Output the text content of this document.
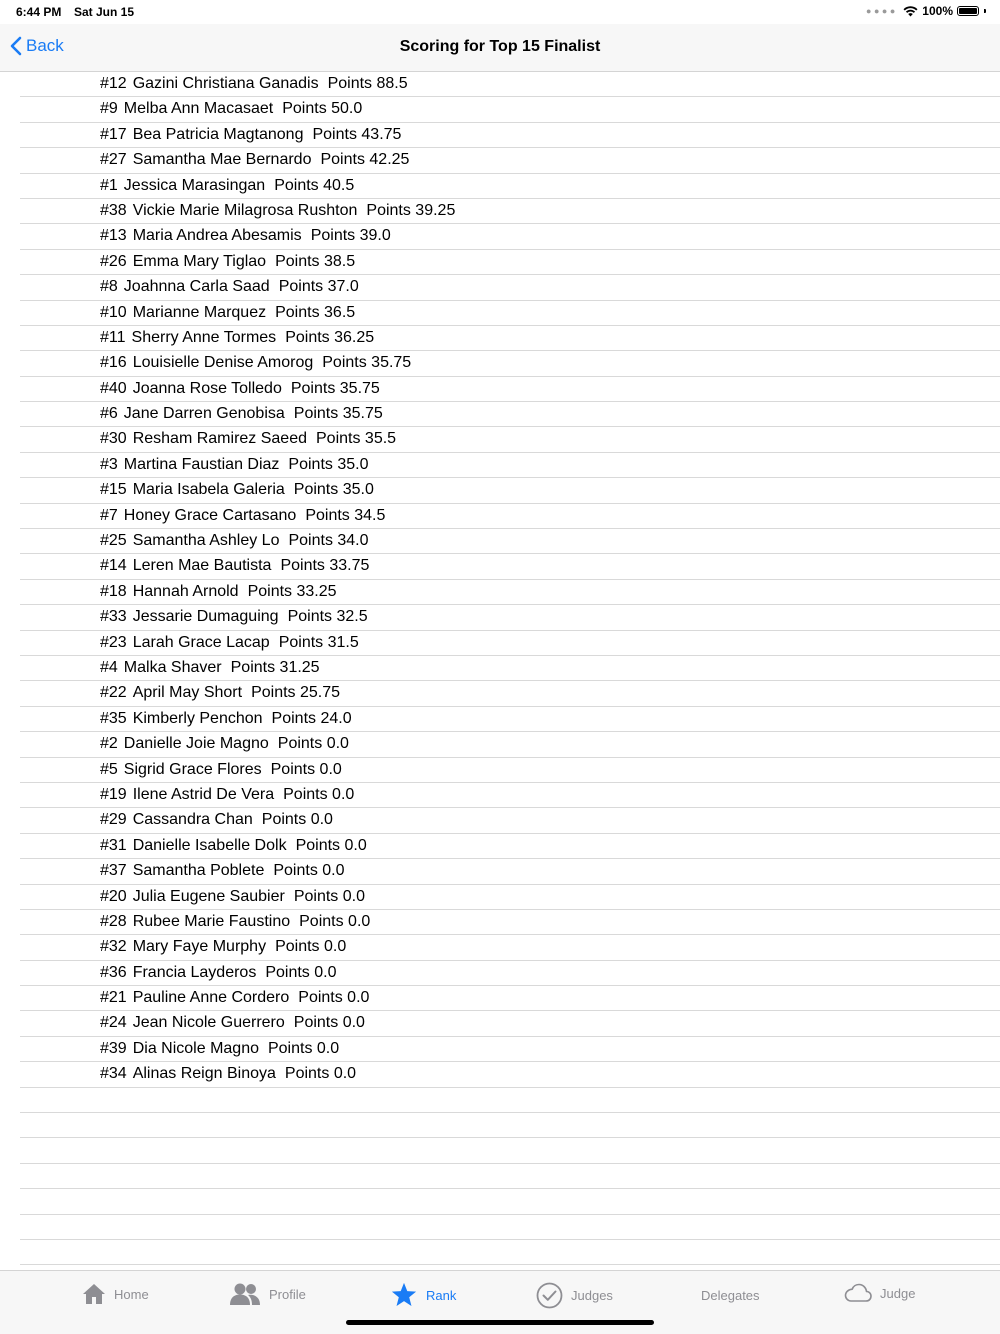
6:44 PM Sat Jun 15	● ● ● ● 100%
Back	Scoring for Top 15 Finalist
#12 Gazini Christiana Ganadis Points 88.5
#9 Melba Ann Macasaet Points 50.0
#17 Bea Patricia Magtanong Points 43.75
#27 Samantha Mae Bernardo Points 42.25
#1 Jessica Marasingan Points 40.5
#38 Vickie Marie Milagrosa Rushton Points 39.25
#13 Maria Andrea Abesamis Points 39.0
#26 Emma Mary Tiglao Points 38.5
#8 Joahnna Carla Saad Points 37.0
#10 Marianne Marquez Points 36.5
#11 Sherry Anne Tormes Points 36.25
#16 Louisielle Denise Amorog Points 35.75
#40 Joanna Rose Tolledo Points 35.75
#6 Jane Darren Genobisa Points 35.75
#30 Resham Ramirez Saeed Points 35.5
#3 Martina Faustian Diaz Points 35.0
#15 Maria Isabela Galeria Points 35.0
#7 Honey Grace Cartasano Points 34.5
#25 Samantha Ashley Lo Points 34.0
#14 Leren Mae Bautista Points 33.75
#18 Hannah Arnold Points 33.25
#33 Jessarie Dumaguing Points 32.5
#23 Larah Grace Lacap Points 31.5
#4 Malka Shaver Points 31.25
#22 April May Short Points 25.75
#35 Kimberly Penchon Points 24.0
#2 Danielle Joie Magno Points 0.0
#5 Sigrid Grace Flores Points 0.0
#19 Ilene Astrid De Vera Points 0.0
#29 Cassandra Chan Points 0.0
#31 Danielle Isabelle Dolk Points 0.0
#37 Samantha Poblete Points 0.0
#20 Julia Eugene Saubier Points 0.0
#28 Rubee Marie Faustino Points 0.0
#32 Mary Faye Murphy Points 0.0
#36 Francia Layderos Points 0.0
#21 Pauline Anne Cordero Points 0.0
#24 Jean Nicole Guerrero Points 0.0
#39 Dia Nicole Magno Points 0.0
#34 Alinas Reign Binoya Points 0.0
Home	Profile	Rank	Judges	Delegates	Judge
